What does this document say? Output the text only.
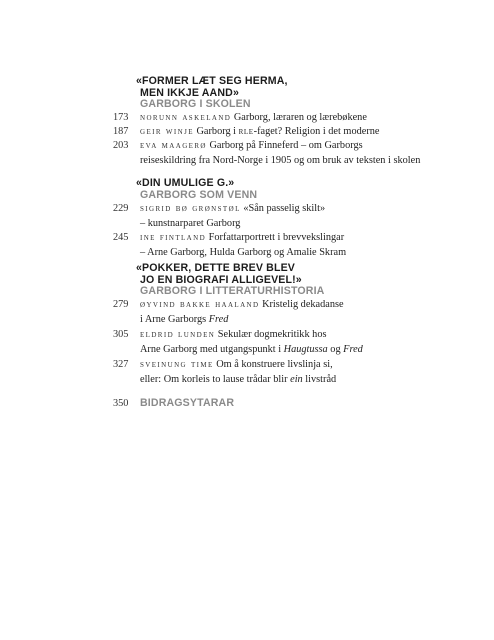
«FORMER LÆT SEG HERMA,
MEN IKKJE AAND»
GARBORG I SKOLEN
173	norunn askeland Garborg, læraren og lærebøkene
187	geir winje Garborg i rle-faget? Religion i det moderne
203	eva maagerø Garborg på Finneferd – om Garborgs
reiseskildring fra Nord-Norge i 1905 og om bruk av teksten i skolen
«DIN UMULIGE G.»
GARBORG SOM VENN
229	sigrid bø grønstøl «Sån passelig skilt»
– kunstnarparet Garborg
245	ine fintland Forfattarportrett i brevvekslingar
– Arne Garborg, Hulda Garborg og Amalie Skram
«POKKER, DETTE BREV BLEV
JO EN BIOGRAFI ALLIGEVEL!»
GARBORG I LITTERATURHISTORIA
279	øyvind bakke haaland Kristelig dekadanse
i Arne Garborgs Fred
305	eldrid lunden Sekulær dogmekritikk hos
Arne Garborg med utgangspunkt i Haugtussa og Fred
327	sveinung time Om å konstruere livslinja si,
eller: Om korleis to lause trådar blir ein livstråd
350	BIDRAGSYTARAR
